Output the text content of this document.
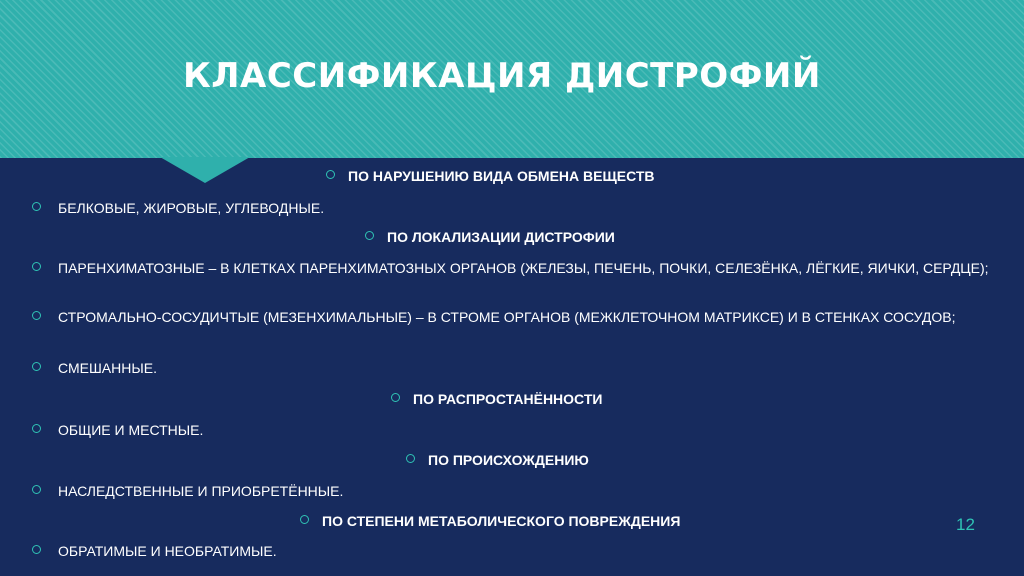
КЛАССИФИКАЦИЯ ДИСТРОФИЙ
ПО НАРУШЕНИЮ ВИДА ОБМЕНА ВЕЩЕСТВ
БЕЛКОВЫЕ, ЖИРОВЫЕ, УГЛЕВОДНЫЕ.
ПО ЛОКАЛИЗАЦИИ ДИСТРОФИИ
ПАРЕНХИМАТОЗНЫЕ – В КЛЕТКАХ ПАРЕНХИМАТОЗНЫХ ОРГАНОВ (ЖЕЛЕЗЫ, ПЕЧЕНЬ, ПОЧКИ, СЕЛЕЗЁНКА, ЛЁГКИЕ, ЯИЧКИ, СЕРДЦЕ);
СТРОМАЛЬНО-СОСУДИЧТЫЕ (МЕЗЕНХИМАЛЬНЫЕ) – В СТРОМЕ ОРГАНОВ (МЕЖКЛЕТОЧНОМ МАТРИКСЕ) И В СТЕНКАХ СОСУДОВ;
СМЕШАННЫЕ.
ПО РАСПРОСТАНЁННОСТИ
ОБЩИЕ И МЕСТНЫЕ.
ПО ПРОИСХОЖДЕНИЮ
НАСЛЕДСТВЕННЫЕ И ПРИОБРЕТЁННЫЕ.
ПО СТЕПЕНИ МЕТАБОЛИЧЕСКОГО ПОВРЕЖДЕНИЯ
ОБРАТИМЫЕ И НЕОБРАТИМЫЕ.
12
